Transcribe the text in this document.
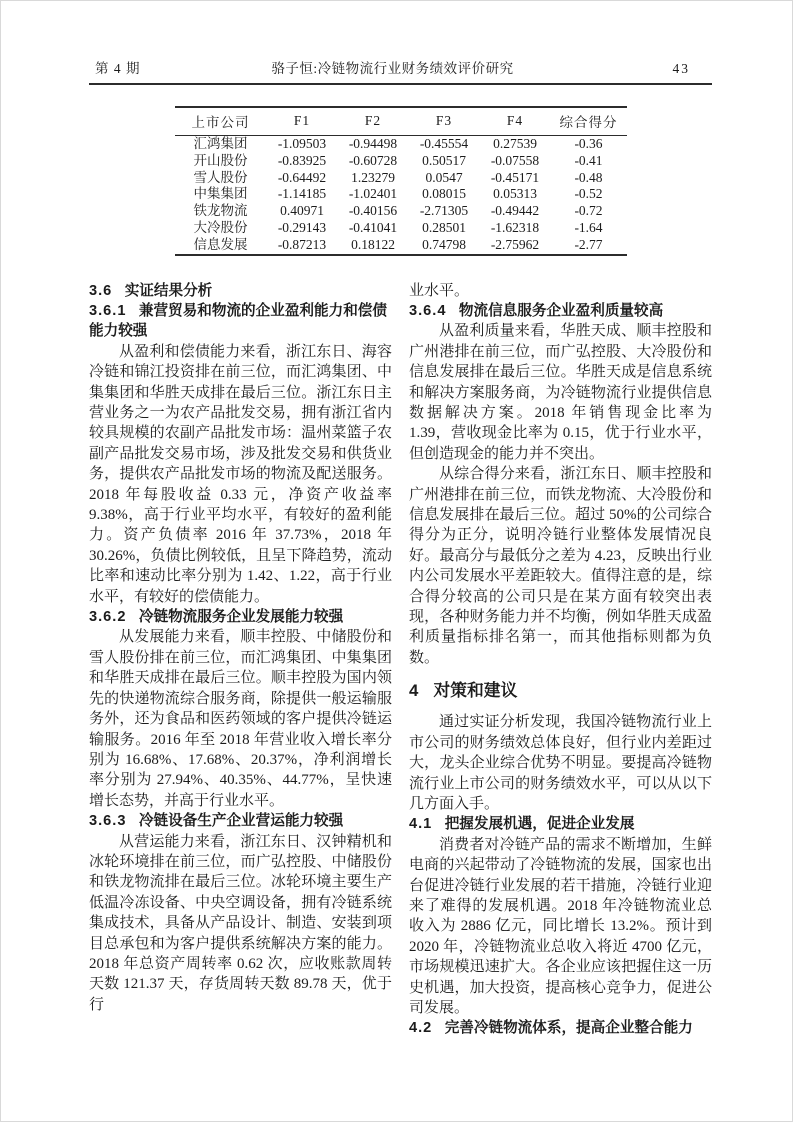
第 4 期	骆子恒:冷链物流行业财务绩效评价研究	43
上市公司	F1	F2	F3	F4	综合得分
汇鸿集团	-1.09503	-0.94498	-0.45554	0.27539	-0.36
开山股份	-0.83925	-0.60728	0.50517	-0.07558	-0.41
雪人股份	-0.64492	1.23279	0.0547	-0.45171	-0.48
中集集团	-1.14185	-1.02401	0.08015	0.05313	-0.52
铁龙物流	0.40971	-0.40156	-2.71305	-0.49442	-0.72
大冷股份	-0.29143	-0.41041	0.28501	-1.62318	-1.64
信息发展	-0.87213	0.18122	0.74798	-2.75962	-2.77
3.6 实证结果分析
3.6.1 兼营贸易和物流的企业盈利能力和偿债能力较强

从盈利和偿债能力来看，浙江东日、海容冷链和锦江投资排在前三位，而汇鸿集团、中集集团和华胜天成排在最后三位。浙江东日主营业务之一为农产品批发交易，拥有浙江省内较具规模的农副产品批发市场：温州菜篮子农副产品批发交易市场，涉及批发交易和供货业务，提供农产品批发市场的物流及配送服务。2018 年每股收益 0.33 元，净资产收益率 9.38%，高于行业平均水平，有较好的盈利能力。资产负债率 2016 年 37.73%，2018 年 30.26%，负债比例较低，且呈下降趋势，流动比率和速动比率分别为 1.42、1.22，高于行业水平，有较好的偿债能力。

3.6.2 冷链物流服务企业发展能力较强

从发展能力来看，顺丰控股、中储股份和雪人股份排在前三位，而汇鸿集团、中集集团和华胜天成排在最后三位。顺丰控股为国内领先的快递物流综合服务商，除提供一般运输服务外，还为食品和医药领域的客户提供冷链运输服务。2016 年至 2018 年营业收入增长率分别为 16.68%、17.68%、20.37%，净利润增长率分别为 27.94%、40.35%、44.77%，呈快速增长态势，并高于行业水平。

3.6.3 冷链设备生产企业营运能力较强

从营运能力来看，浙江东日、汉钟精机和冰轮环境排在前三位，而广弘控股、中储股份和铁龙物流排在最后三位。冰轮环境主要生产低温冷冻设备、中央空调设备，拥有冷链系统集成技术，具备从产品设计、制造、安装到项目总承包和为客户提供系统解决方案的能力。2018 年总资产周转率 0.62 次，应收账款周转天数 121.37 天，存货周转天数 89.78 天，优于行

业水平。

3.6.4 物流信息服务企业盈利质量较高

从盈利质量来看，华胜天成、顺丰控股和广州港排在前三位，而广弘控股、大冷股份和信息发展排在最后三位。华胜天成是信息系统和解决方案服务商，为冷链物流行业提供信息数据解决方案。2018 年销售现金比率为 1.39，营收现金比率为 0.15，优于行业水平，但创造现金的能力并不突出。

从综合得分来看，浙江东日、顺丰控股和广州港排在前三位，而铁龙物流、大冷股份和信息发展排在最后三位。超过 50%的公司综合得分为正分，说明冷链行业整体发展情况良好。最高分与最低分之差为 4.23，反映出行业内公司发展水平差距较大。值得注意的是，综合得分较高的公司只是在某方面有较突出表现，各种财务能力并不均衡，例如华胜天成盈利质量指标排名第一，而其他指标则都为负数。

4 对策和建议

通过实证分析发现，我国冷链物流行业上市公司的财务绩效总体良好，但行业内差距过大，龙头企业综合优势不明显。要提高冷链物流行业上市公司的财务绩效水平，可以从以下几方面入手。

4.1 把握发展机遇，促进企业发展

消费者对冷链产品的需求不断增加，生鲜电商的兴起带动了冷链物流的发展，国家也出台促进冷链行业发展的若干措施，冷链行业迎来了难得的发展机遇。2018 年冷链物流业总收入为 2886 亿元，同比增长 13.2%。预计到 2020 年，冷链物流业总收入将近 4700 亿元，市场规模迅速扩大。各企业应该把握住这一历史机遇，加大投资，提高核心竞争力，促进公司发展。

4.2 完善冷链物流体系，提高企业整合能力
